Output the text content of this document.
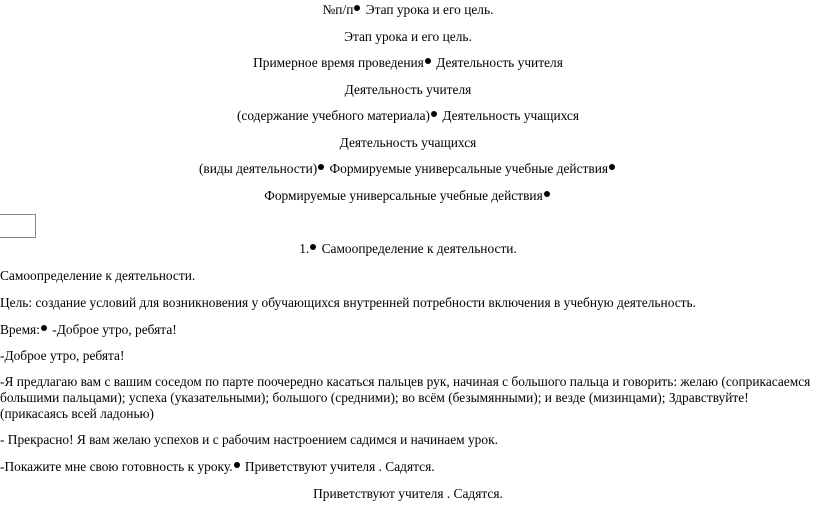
№п/п Этап урока и его цель.
Этап урока и его цель.
Примерное время проведения Деятельность учителя
Деятельность учителя
(содержание учебного материала) Деятельность учащихся
Деятельность учащихся
(виды деятельности) Формируемые универсальные учебные действия
Формируемые универсальные учебные действия
1. Самоопределение к деятельности.
Самоопределение к деятельности.
Цель: создание условий для возникновения у обучающихся внутренней потребности включения в учебную деятельность.
Время: -Доброе утро, ребята!
-Доброе утро, ребята!
-Я предлагаю вам с вашим соседом по парте поочередно касаться пальцев рук, начиная с большого пальца и говорить: желаю (соприкасаемся большими пальцами); успеха (указательными); большого (средними); во всём (безымянными); и везде (мизинцами); Здравствуйте! (прикасаясь всей ладонью)
- Прекрасно! Я вам желаю успехов и с рабочим настроением садимся и начинаем урок.
-Покажите мне свою готовность к уроку. Приветствуют учителя . Садятся.
Приветствуют учителя . Садятся.
